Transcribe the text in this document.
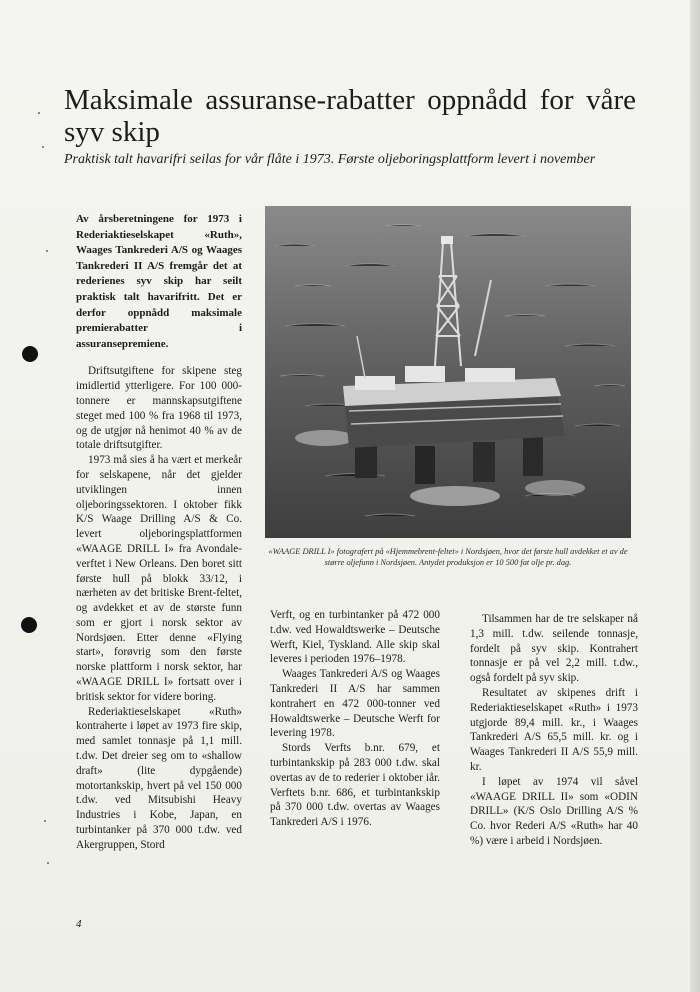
Maksimale assuranse-rabatter oppnådd for våre syv skip

Praktisk talt havarifri seilas for vår flåte i 1973. Første oljeboringsplattform levert i november

Av årsberetningene for 1973 i Rederiaktieselskapet «Ruth», Waages Tankrederi A/S og Waages Tankrederi II A/S fremgår det at rederienes syv skip har seilt praktisk talt havarifritt. Det er derfor oppnådd maksimale premierabatter i assuransepremiene.

Driftsutgiftene for skipene steg imidlertid ytterligere. For 100 000-tonnere er mannskapsutgiftene steget med 100 % fra 1968 til 1973, og de utgjør nå henimot 40 % av de totale driftsutgifter.

1973 må sies å ha vært et merkeår for selskapene, når det gjelder utviklingen innen oljeboringssektoren. I oktober fikk K/S Waage Drilling A/S & Co. levert oljeboringsplattformen «WAAGE DRILL I» fra Avondale-verftet i New Orleans. Den boret sitt første hull på blokk 33/12, i nærheten av det britiske Brent-feltet, og avdekket et av de største funn som er gjort i norsk sektor av Nordsjøen. Etter denne «Flying start», forøvrig som den første norske plattform i norsk sektor, har «WAAGE DRILL I» fortsatt over i britisk sektor for videre boring.

Rederiaktieselskapet «Ruth» kontraherte i løpet av 1973 fire skip, med samlet tonnasje på 1,1 mill. t.dw. Det dreier seg om to «shallow draft» (lite dypgående) motortankskip, hvert på vel 150 000 t.dw. ved Mitsubishi Heavy Industries i Kobe, Japan, en turbintanker på 370 000 t.dw. ved Akergruppen, Stord

«WAAGE DRILL I» fotografert på «Hjemmebrent-feltet» i Nordsjøen, hvor det første hull avdekket et av de større oljefunn i Nordsjøen. Antydet produksjon er 10 500 fat olje pr. dag.

Verft, og en turbintanker på 472 000 t.dw. ved Howaldtswerke – Deutsche Werft, Kiel, Tyskland. Alle skip skal leveres i perioden 1976–1978.

Waages Tankrederi A/S og Waages Tankrederi II A/S har sammen kontrahert en 472 000-tonner ved Howaldtswerke – Deutsche Werft for levering 1978.

Stords Verfts b.nr. 679, et turbintankskip på 283 000 t.dw. skal overtas av de to rederier i oktober iår. Verftets b.nr. 686, et turbintankskip på 370 000 t.dw. overtas av Waages Tankrederi A/S i 1976.

Tilsammen har de tre selskaper nå 1,3 mill. t.dw. seilende tonnasje, fordelt på syv skip. Kontrahert tonnasje er på vel 2,2 mill. t.dw., også fordelt på syv skip.

Resultatet av skipenes drift i Rederiaktieselskapet «Ruth» i 1973 utgjorde 89,4 mill. kr., i Waages Tankrederi A/S 65,5 mill. kr. og i Waages Tankrederi II A/S 55,9 mill. kr.

I løpet av 1974 vil såvel «WAAGE DRILL II» som «ODIN DRILL» (K/S Oslo Drilling A/S % Co. hvor Rederi A/S «Ruth» har 40 %) være i arbeid i Nordsjøen.

4
